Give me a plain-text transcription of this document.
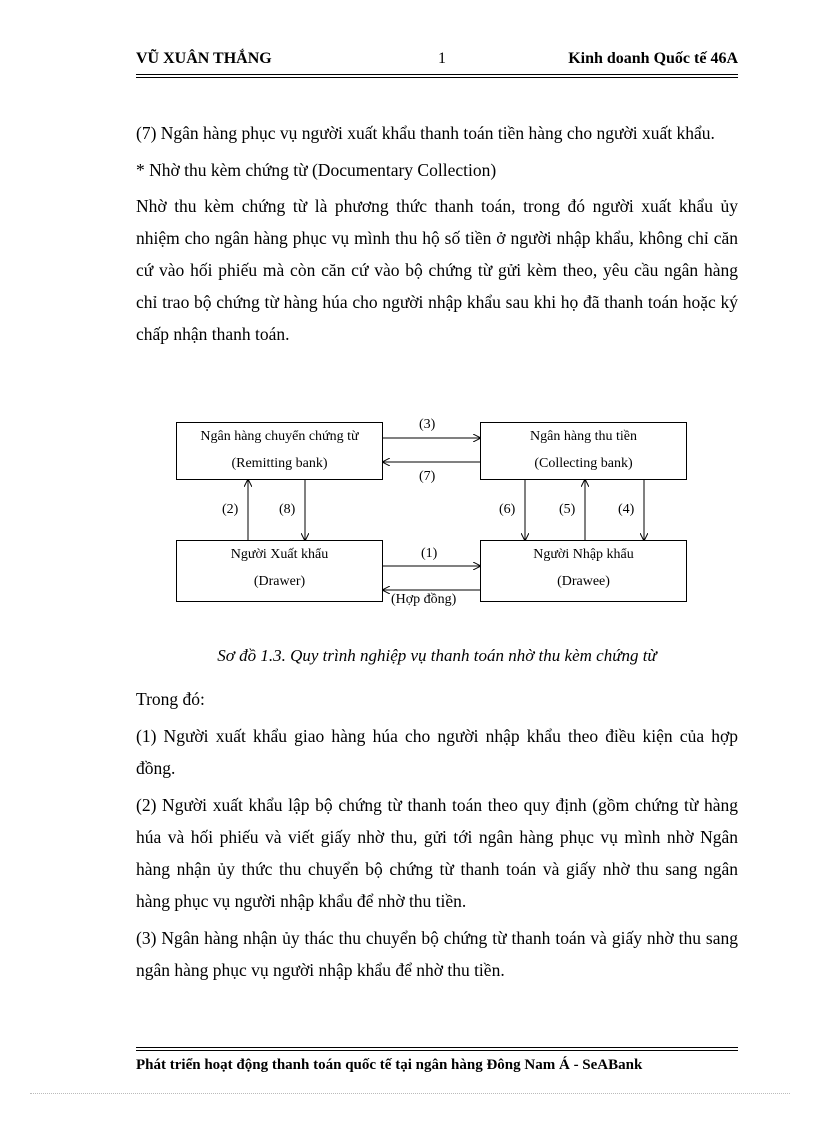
VŨ XUÂN THẮNG	1	Kinh doanh Quốc tế 46A

(7) Ngân hàng phục vụ người xuất khẩu thanh toán tiền hàng cho người xuất khẩu.

* Nhờ thu kèm chứng từ (Documentary Collection)

Nhờ thu kèm chứng từ là phương thức thanh toán, trong đó người xuất khẩu ủy nhiệm cho ngân hàng phục vụ mình thu hộ số tiền ở người nhập khẩu, không chỉ căn cứ vào hối phiếu mà còn căn cứ vào bộ chứng từ gửi kèm theo, yêu cầu ngân hàng chỉ trao bộ chứng từ hàng húa cho người nhập khẩu sau khi họ đã thanh toán hoặc ký chấp nhận thanh toán.

Ngân hàng chuyển chứng từ
(Remitting bank)
Ngân hàng thu tiền
(Collecting bank)
Người Xuất khẩu
(Drawer)
Người Nhập khẩu
(Drawee)
(3)
(7)
(1)
(Hợp đồng)
(2)	(8)	(6)	(5)	(4)
Sơ đồ 1.3. Quy trình nghiệp vụ thanh toán nhờ thu kèm chứng từ

Trong đó:

(1) Người xuất khẩu giao hàng húa cho người nhập khẩu theo điều kiện của hợp đồng.

(2) Người xuất khẩu lập bộ chứng từ thanh toán theo quy định (gồm chứng từ hàng húa và hối phiếu và viết giấy nhờ thu, gửi tới ngân hàng phục vụ mình nhờ Ngân hàng nhận ủy thức thu chuyển bộ chứng từ thanh toán và giấy nhờ thu sang ngân hàng phục vụ người nhập khẩu để nhờ thu tiền.

(3) Ngân hàng nhận ủy thác thu chuyển bộ chứng từ thanh toán và giấy nhờ thu sang ngân hàng phục vụ người nhập khẩu để nhờ thu tiền.

Phát triển hoạt động thanh toán quốc tế tại ngân hàng Đông Nam Á - SeABank
